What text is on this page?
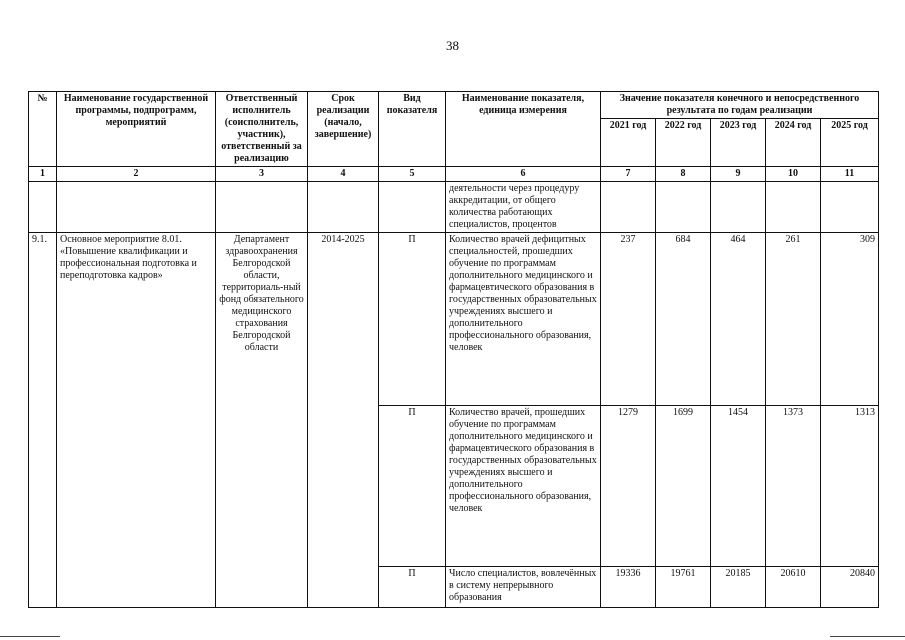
38
№	Наименование государственной программы, подпрограмм, мероприятий	Ответственный исполнитель (соисполнитель, участник), ответственный за реализацию	Срок реализации (начало, завершение)	Вид показателя	Наименование показателя, единица измерения	Значение показателя конечного и непосредственного результата по годам реализации				
						2021 год	2022 год	2023 год	2024 год	2025 год
1	2	3	4	5	6	7	8	9	10	11
					деятельности через процедуру аккредитации, от общего количества работающих специалистов, процентов					
9.1.	Основное мероприятие 8.01. «Повышение квалификации и профессиональная подготовка и переподготовка кадров»	Департамент здравоохранения Белгородской области, территориаль-ный фонд обязательного медицинского страхования Белгородской области	2014-2025	П	Количество врачей дефицитных специальностей, прошедших обучение по программам дополнительного медицинского и фармацевтического образования в государственных образовательных учреждениях высшего и дополнительного профессионального образования, человек	237	684	464	261	309
				П	Количество врачей, прошедших обучение по программам дополнительного медицинского и фармацевтического образования в государственных образовательных учреждениях высшего и дополнительного профессионального образования, человек	1279	1699	1454	1373	1313
				П	Число специалистов, вовлечённых в систему непрерывного образования	19336	19761	20185	20610	20840
